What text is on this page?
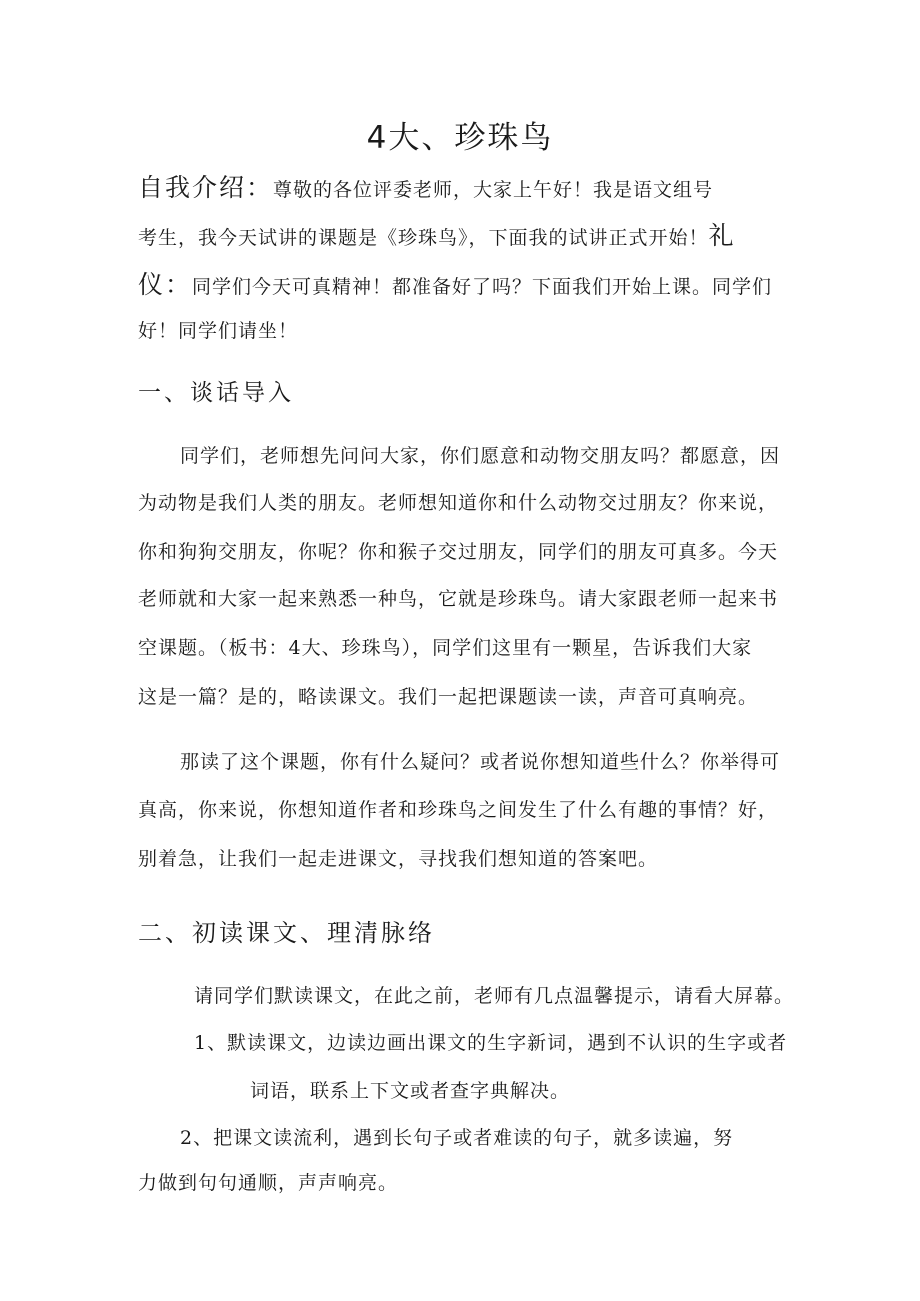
4大、珍珠鸟
自我介绍：尊敬的各位评委老师，大家上午好！我是语文组号
考生，我今天试讲的课题是《珍珠鸟》，下面我的试讲正式开始！礼
仪：同学们今天可真精神！都准备好了吗？下面我们开始上课。同学们
好！同学们请坐！
一、谈话导入
同学们，老师想先问问大家，你们愿意和动物交朋友吗？都愿意，因
为动物是我们人类的朋友。老师想知道你和什么动物交过朋友？你来说，
你和狗狗交朋友，你呢？你和猴子交过朋友，同学们的朋友可真多。今天
老师就和大家一起来熟悉一种鸟，它就是珍珠鸟。请大家跟老师一起来书
空课题。（板书：4大、珍珠鸟），同学们这里有一颗星，告诉我们大家
这是一篇？是的，略读课文。我们一起把课题读一读，声音可真响亮。
那读了这个课题，你有什么疑问？或者说你想知道些什么？你举得可
真高，你来说，你想知道作者和珍珠鸟之间发生了什么有趣的事情？好，
别着急，让我们一起走进课文，寻找我们想知道的答案吧。
二、初读课文、理清脉络
请同学们默读课文，在此之前，老师有几点温馨提示，请看大屏幕。
1、默读课文，边读边画出课文的生字新词，遇到不认识的生字或者
词语，联系上下文或者查字典解决。
2、把课文读流利，遇到长句子或者难读的句子，就多读遍，努
力做到句句通顺，声声响亮。
